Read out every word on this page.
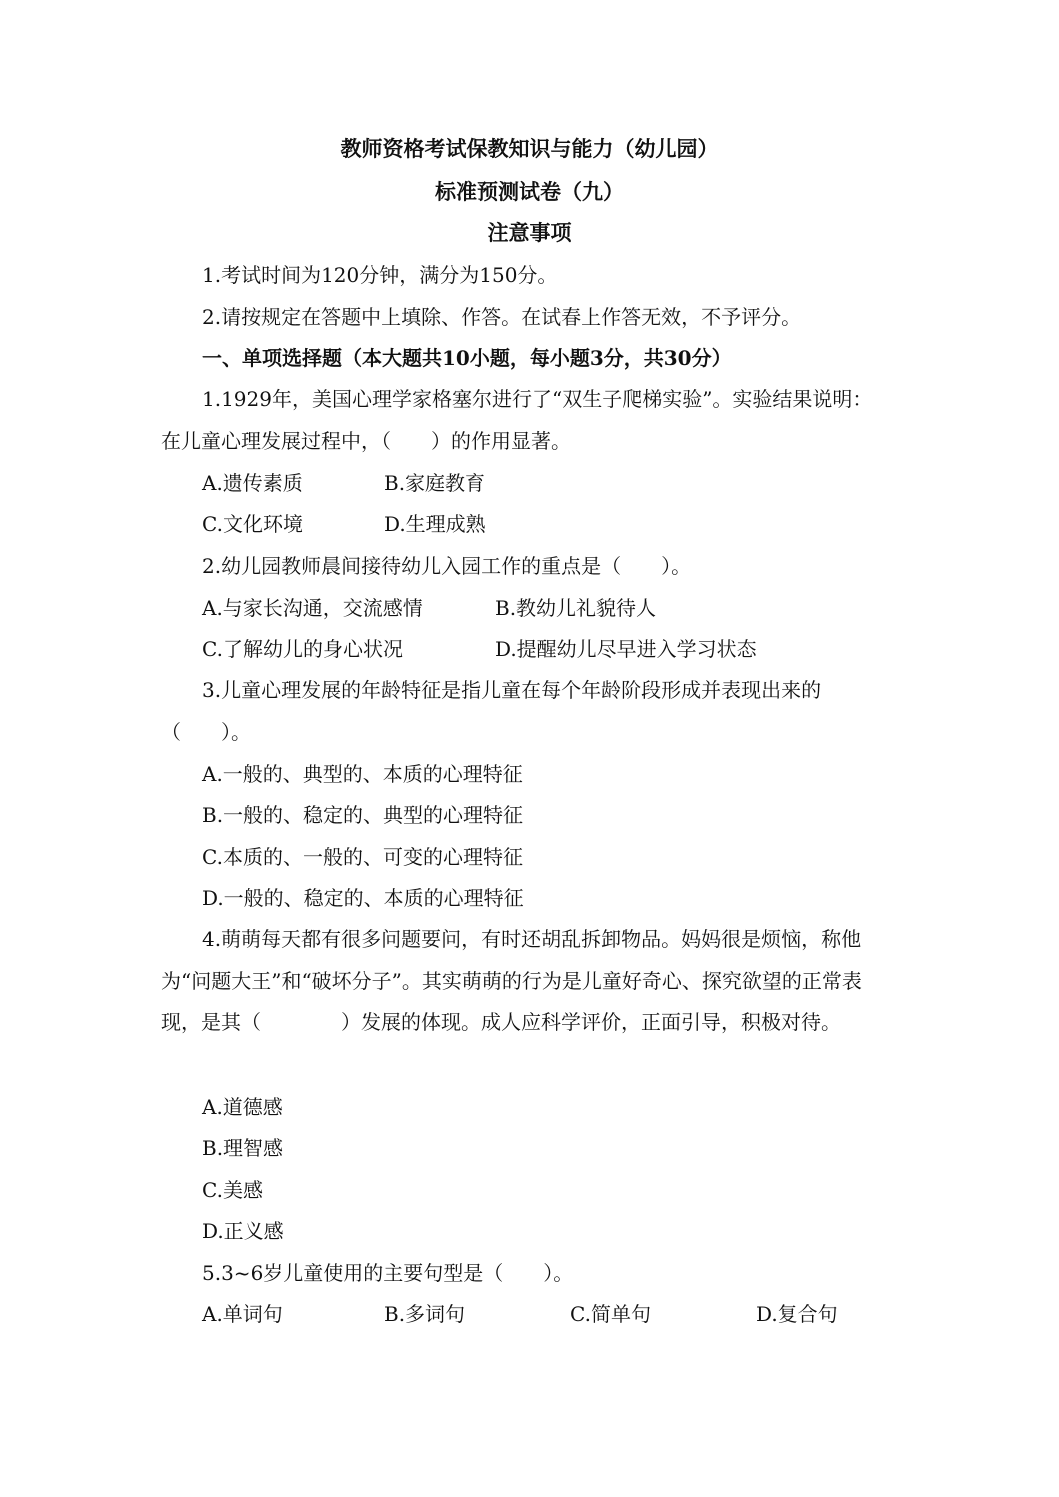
教师资格考试保教知识与能力（幼儿园）
标准预测试卷（九）
注意事项
1.考试时间为120分钟，满分为150分。
2.请按规定在答题中上填除、作答。在试春上作答无效，不予评分。
一、单项选择题（本大题共10小题，每小题3分，共30分）
1.1929年，美国心理学家格塞尔进行了“双生子爬梯实验”。实验结果说明：在儿童心理发展过程中，（　　）的作用显著。
A.遗传素质	B.家庭教育
C.文化环境	D.生理成熟
2.幼儿园教师晨间接待幼儿入园工作的重点是（　　）。
A.与家长沟通，交流感情	B.教幼儿礼貌待人
C.了解幼儿的身心状况	D.提醒幼儿尽早进入学习状态
3.儿童心理发展的年龄特征是指儿童在每个年龄阶段形成并表现出来的（　　）。
A.一般的、典型的、本质的心理特征
B.一般的、稳定的、典型的心理特征
C.本质的、一般的、可变的心理特征
D.一般的、稳定的、本质的心理特征
4.萌萌每天都有很多问题要问，有时还胡乱拆卸物品。妈妈很是烦恼，称他为“问题大王”和“破坏分子”。其实萌萌的行为是儿童好奇心、探究欲望的正常表现，是其（　　　　）发展的体现。成人应科学评价，正面引导，积极对待。
A.道德感
B.理智感
C.美感
D.正义感
5.3~6岁儿童使用的主要句型是（　　）。
A.单词句	B.多词句	C.简单句	D.复合句
